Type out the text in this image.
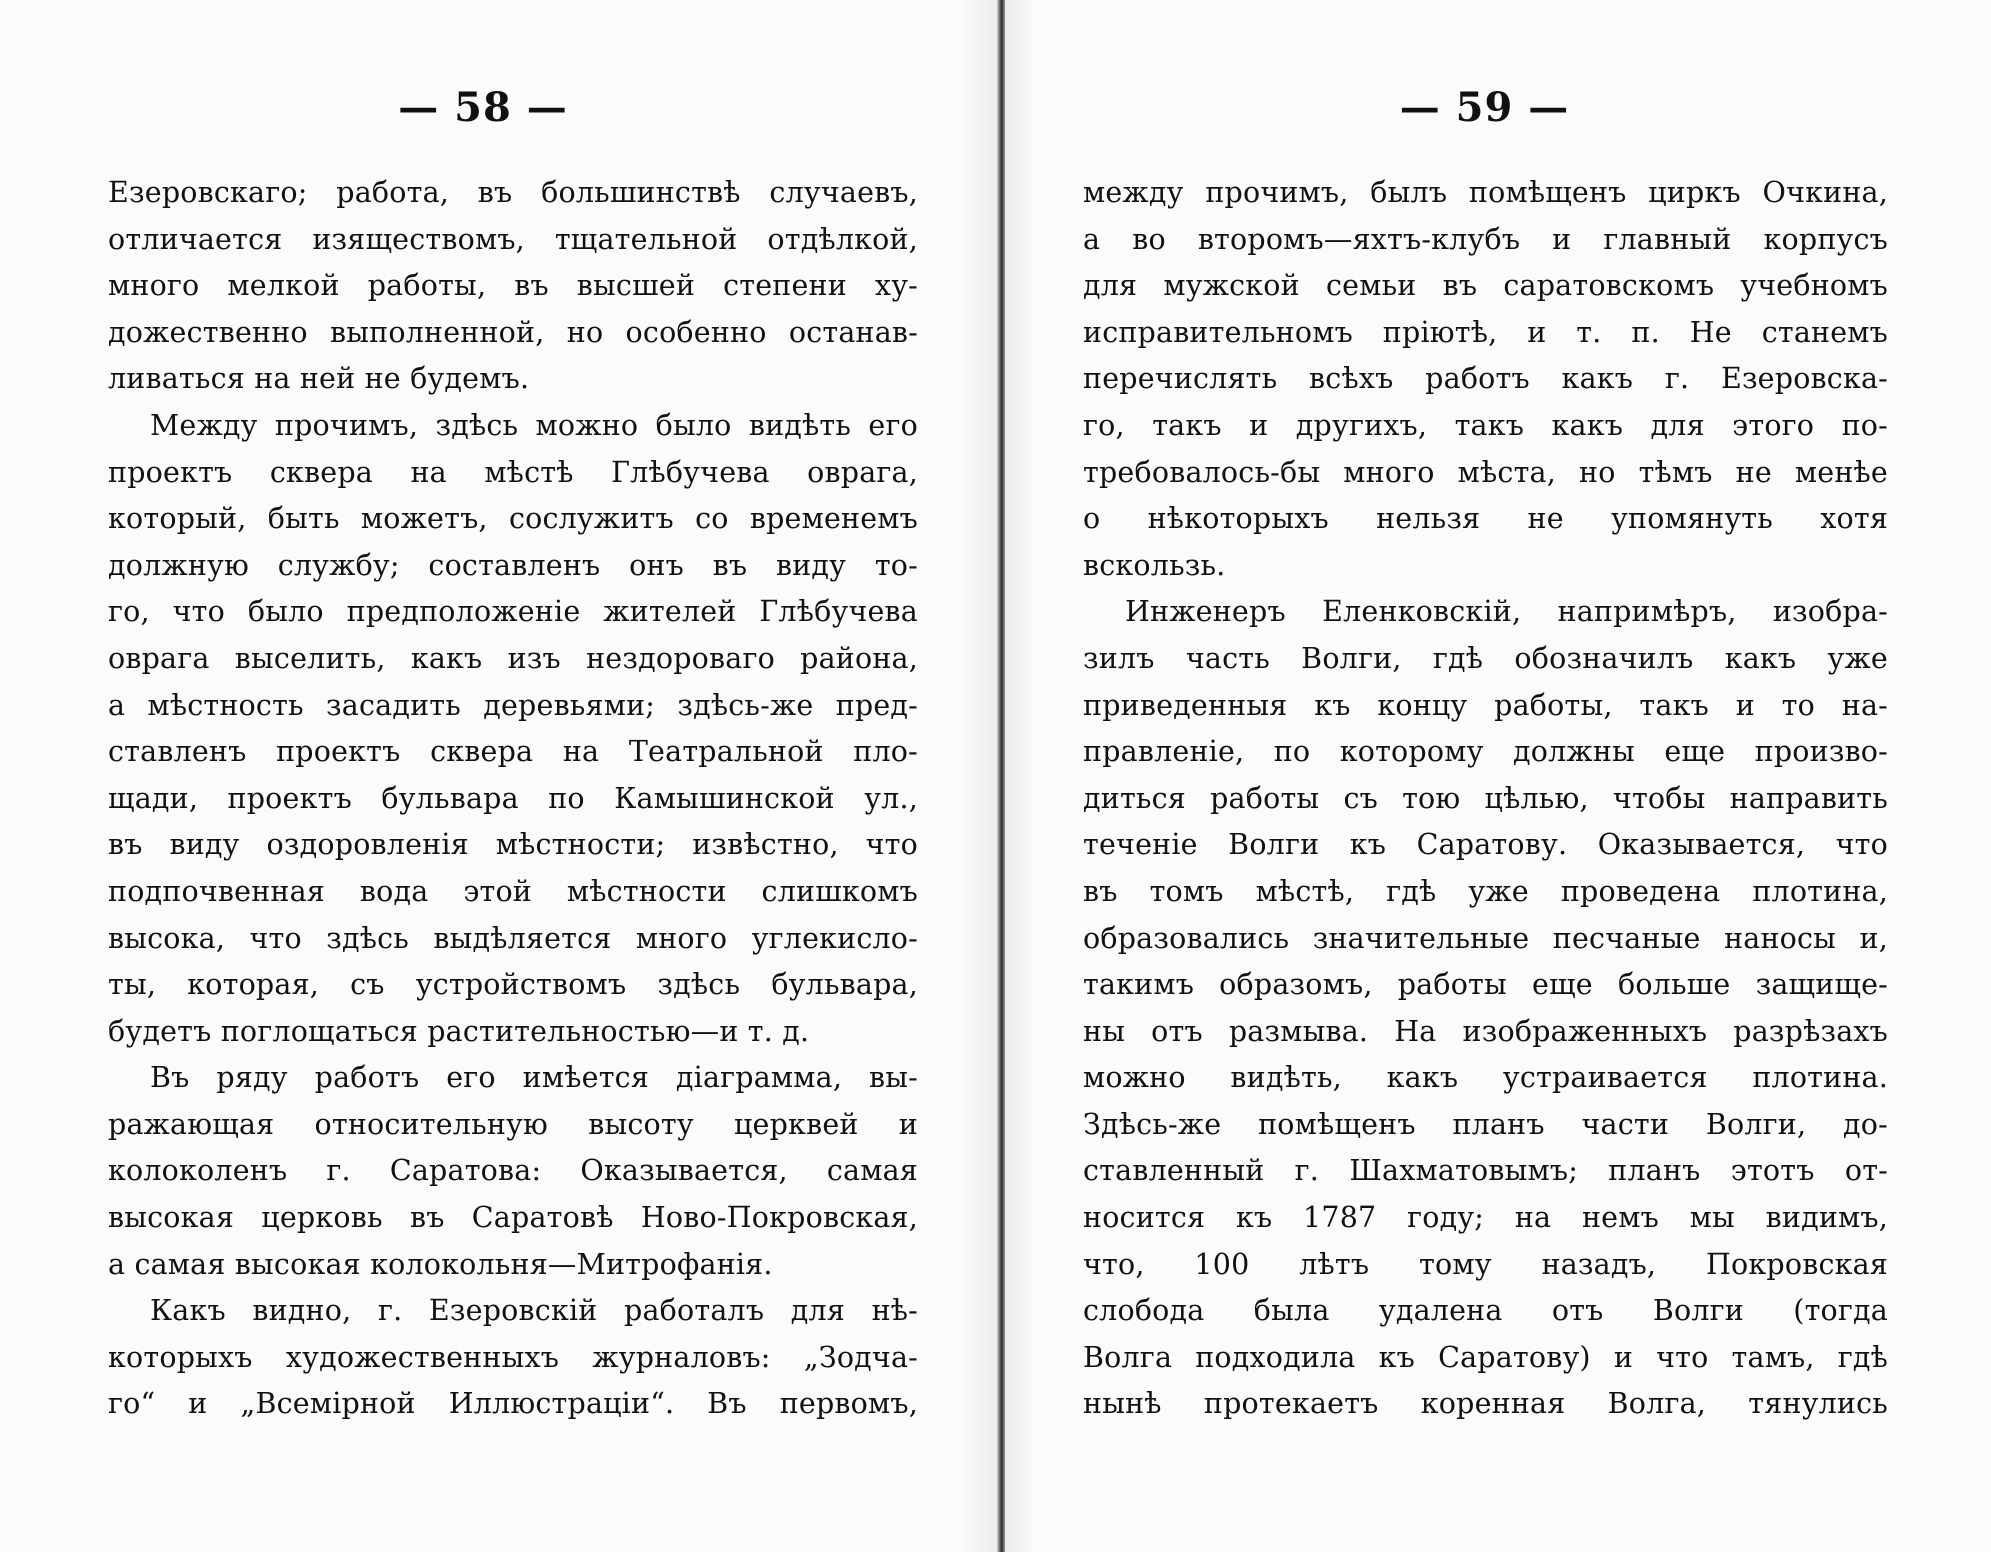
— 58 —
Езеровскаго; работа, въ большинствѣ случаевъ,
отличается изяществомъ, тщательной отдѣлкой,
много мелкой работы, въ высшей степени ху-
дожественно выполненной, но особенно останав-
ливаться на ней не будемъ.
Между прочимъ, здѣсь можно было видѣть его
проектъ сквера на мѣстѣ Глѣбучева оврага,
который, быть можетъ, сослужитъ со временемъ
должную службу; составленъ онъ въ виду то-
го, что было предположенiе жителей Глѣбучева
оврага выселить, какъ изъ нездороваго района,
а мѣстность засадить деревьями; здѣсь-же пред-
ставленъ проектъ сквера на Театральной пло-
щади, проектъ бульвара по Камышинской ул.,
въ виду оздоровленiя мѣстности; извѣстно, что
подпочвенная вода этой мѣстности слишкомъ
высока, что здѣсь выдѣляется много углекисло-
ты, которая, съ устройствомъ здѣсь бульвара,
будетъ поглощаться растительностью—и т. д.
Въ ряду работъ его имѣется дiаграмма, вы-
ражающая относительную высоту церквей и
колоколенъ г. Саратова: Оказывается, самая
высокая церковь въ Саратовѣ Ново-Покровская,
а самая высокая колокольня—Митрофанiя.
Какъ видно, г. Езеровскiй работалъ для нѣ-
которыхъ художественныхъ журналовъ: „Зодча-
го“ и „Всемiрной Иллюстрацiи“. Въ первомъ,
— 59 —
между прочимъ, былъ помѣщенъ циркъ Очкина,
а во второмъ—яхтъ-клубъ и главный корпусъ
для мужской семьи въ саратовскомъ учебномъ
исправительномъ прiютѣ, и т. п. Не станемъ
перечислять всѣхъ работъ какъ г. Езеровска-
го, такъ и другихъ, такъ какъ для этого по-
требовалось-бы много мѣста, но тѣмъ не менѣе
о нѣкоторыхъ нельзя не упомянуть хотя
вскользь.
Инженеръ Еленковскiй, напримѣръ, изобра-
зилъ часть Волги, гдѣ обозначилъ какъ уже
приведенныя къ концу работы, такъ и то на-
правленiе, по которому должны еще произво-
диться работы съ тою цѣлью, чтобы направить
теченiе Волги къ Саратову. Оказывается, что
въ томъ мѣстѣ, гдѣ уже проведена плотина,
образовались значительные песчаные наносы и,
такимъ образомъ, работы еще больше защище-
ны отъ размыва. На изображенныхъ разрѣзахъ
можно видѣть, какъ устраивается плотина.
Здѣсь-же помѣщенъ планъ части Волги, до-
ставленный г. Шахматовымъ; планъ этотъ от-
носится къ 1787 году; на немъ мы видимъ,
что, 100 лѣтъ тому назадъ, Покровская
слобода была удалена отъ Волги (тогда
Волга подходила къ Саратову) и что тамъ, гдѣ
нынѣ протекаетъ коренная Волга, тянулись
